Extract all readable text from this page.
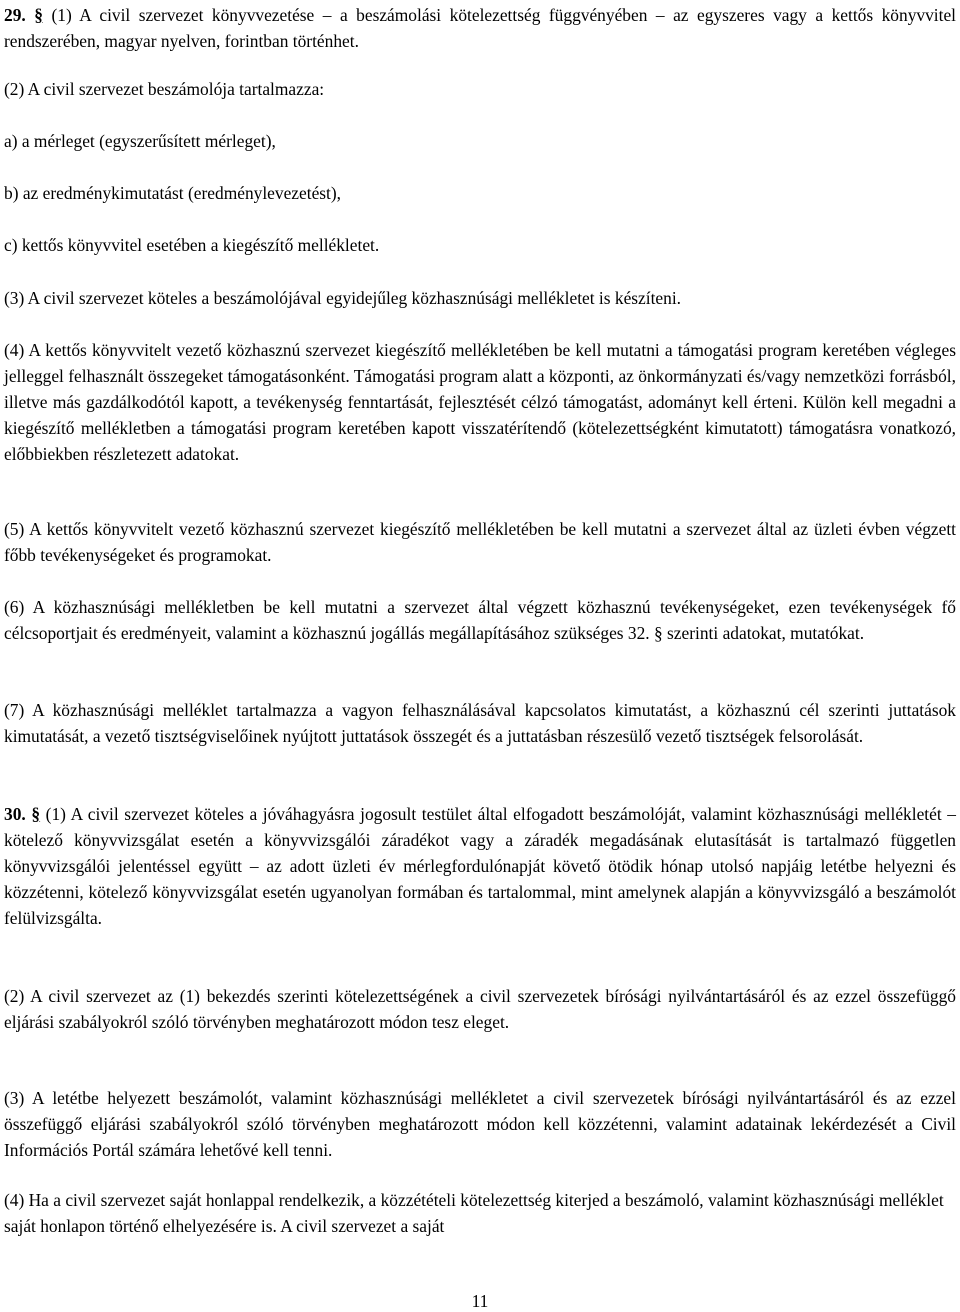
29. § (1) A civil szervezet könyvvezetése – a beszámolási kötelezettség függvényében – az egyszeres vagy a kettős könyvvitel rendszerében, magyar nyelven, forintban történhet.

(2) A civil szervezet beszámolója tartalmazza:

a) a mérleget (egyszerűsített mérleget),

b) az eredménykimutatást (eredménylevezetést),

c) kettős könyvvitel esetében a kiegészítő mellékletet.

(3) A civil szervezet köteles a beszámolójával egyidejűleg közhasznúsági mellékletet is készíteni.

(4) A kettős könyvvitelt vezető közhasznú szervezet kiegészítő mellékletében be kell mutatni a támogatási program keretében végleges jelleggel felhasznált összegeket támogatásonként. Támogatási program alatt a központi, az önkormányzati és/vagy nemzetközi forrásból, illetve más gazdálkodótól kapott, a tevékenység fenntartását, fejlesztését célzó támogatást, adományt kell érteni. Külön kell megadni a kiegészítő mellékletben a támogatási program keretében kapott visszatérítendő (kötelezettségként kimutatott) támogatásra vonatkozó, előbbiekben részletezett adatokat.

(5) A kettős könyvvitelt vezető közhasznú szervezet kiegészítő mellékletében be kell mutatni a szervezet által az üzleti évben végzett főbb tevékenységeket és programokat.

(6) A közhasznúsági mellékletben be kell mutatni a szervezet által végzett közhasznú tevékenységeket, ezen tevékenységek fő célcsoportjait és eredményeit, valamint a közhasznú jogállás megállapításához szükséges 32. § szerinti adatokat, mutatókat.

(7) A közhasznúsági melléklet tartalmazza a vagyon felhasználásával kapcsolatos kimutatást, a közhasznú cél szerinti juttatások kimutatását, a vezető tisztségviselőinek nyújtott juttatások összegét és a juttatásban részesülő vezető tisztségek felsorolását.

30. § (1) A civil szervezet köteles a jóváhagyásra jogosult testület által elfogadott beszámolóját, valamint közhasznúsági mellékletét – kötelező könyvvizsgálat esetén a könyvvizsgálói záradékot vagy a záradék megadásának elutasítását is tartalmazó független könyvvizsgálói jelentéssel együtt – az adott üzleti év mérlegfordulónapját követő ötödik hónap utolsó napjáig letétbe helyezni és közzétenni, kötelező könyvvizsgálat esetén ugyanolyan formában és tartalommal, mint amelynek alapján a könyvvizsgáló a beszámolót felülvizsgálta.

(2) A civil szervezet az (1) bekezdés szerinti kötelezettségének a civil szervezetek bírósági nyilvántartásáról és az ezzel összefüggő eljárási szabályokról szóló törvényben meghatározott módon tesz eleget.

(3) A letétbe helyezett beszámolót, valamint közhasznúsági mellékletet a civil szervezetek bírósági nyilvántartásáról és az ezzel összefüggő eljárási szabályokról szóló törvényben meghatározott módon kell közzétenni, valamint adatainak lekérdezését a Civil Információs Portál számára lehetővé kell tenni.

(4) Ha a civil szervezet saját honlappal rendelkezik, a közzétételi kötelezettség kiterjed a beszámoló, valamint közhasznúsági melléklet saját honlapon történő elhelyezésére is. A civil szervezet a saját

11
